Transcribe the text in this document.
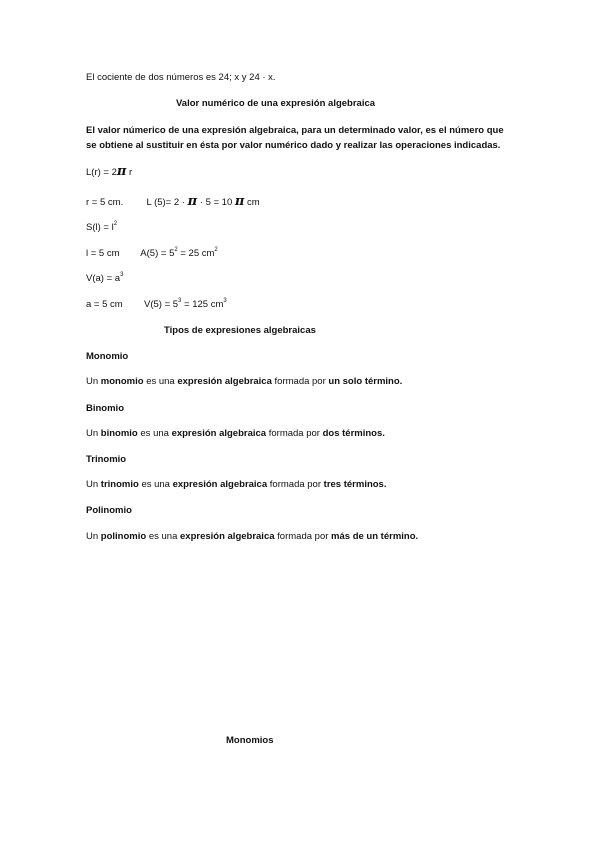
El cociente de dos números es 24; x y 24 · x.
Valor numérico de una expresión algebraica
El valor númerico de una expresión algebraica, para un determinado valor, es el número que
se obtiene al sustituir en ésta por valor numérico dado y realizar las operaciones indicadas.
L(r) = 2π r
r = 5 cm. L (5)= 2 · π · 5 = 10 π cm
$S(l) = l^2$
l = 5 cm $A(5) = 5^2 = 25$ $cm^2$
$V(a) = a^3$
a = 5 cm $V(5) = 5^3 = 125$ $cm^3$
Tipos de expresiones algebraicas
Monomio
Un monomio es una expresión algebraica formada por un solo término.
Binomio
Un binomio es una expresión algebraica formada por dos términos.
Trinomio
Un trinomio es una expresión algebraica formada por tres términos.
Polinomio
Un polinomio es una expresión algebraica formada por más de un término.
Monomios
